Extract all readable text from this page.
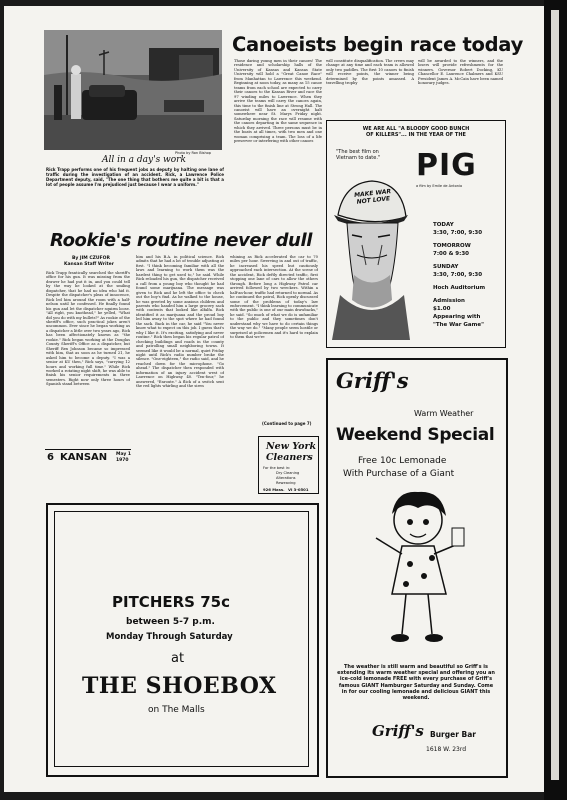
Photo by Ron Bishop
All in a day's work
Rick Trapp performs one of his frequent jobs as deputy by halting one lane of traffic during the investigation of an accident. Rick, a Lawrence Police Department deputy, said, "The one thing that bothers me quite a bit is that a lot of people assume I'm prejudiced just because I wear a uniform."
Canoeists begin race today
Those daring young men in their canoes! The residence and scholarship halls of the University of Kansas and Kansas State University will hold a "Great Canoe Race" from Manhattan to Lawrence this weekend. Beginning at noon today, as many as 15 canoe teams from each school are expected to carry their canoes to the Kansas River and race the 97 winding miles to Lawrence. When they arrive the teams will carry the canoes again, this time to the finish line at Strong Hall. The canoeist will have an overnight halt somewhere near St. Marys Friday night. Saturday morning the race will resume with the canoes departing in the same sequence in which they arrived. Three persons must be in the boats at all times, with two men and one woman comprising a team. The loss of a life preserver or interfering with other canoes
will constitute disqualification. The crews may change at any time and each team is allowed only two paddles. The first 10 canoes to finish will receive points, the winner being determined by the points amassed. A travelling trophy
will be awarded to the winners, and the losers will provide refreshments for the winners. Governor Robert Docking, KU Chancellor E. Laurence Chalmers and KSU President James A. McCain have been named honorary judges.
Rookie's routine never dull
By JIM CZUFOR
Kansan Staff Writer
Rick Trapp frantically searched the sheriff's office for his gun. It was missing from the drawer he had put it in, and you could tell by the way he looked at the smiling dispatcher, that he had no idea who hid it. Despite the dispatcher's pleas of innocence, Rick led him around the room with a half-nelson until he confessed. He finally found his gun and let the dispatcher squirm loose. "All right, you knothead," he yelled, "What did you do with my bullets?" As rookie of the sheriff's office, such practical jokes aren't uncommon. Ever since he began working as a dispatcher a little over two years ago, Rick has been affectionately known as "the rookie." Rick began working at the Douglas County Sheriff's Office as a dispatcher, but Sheriff Rex Johnson became so impressed with him, that as soon as he turned 21, he asked him to become a deputy. "I was a senior at KU then," Rick says, "carrying 12 hours and working full time." While Rick worked a rotating night shift, he was able to finish his senior requirements in three semesters. Right now only three hours of Spanish stand between
him and his B.A. in political science. Rick admits that he had a lot of trouble adjusting at first. "I think becoming familiar with all the laws and learning to work them was the hardest thing to get used to," he said. While Rick reloaded his gun, the dispatcher received a call from a young boy who thought he had found some marijuana. The message was given to Rick and he left the office to check out the boy's find. As he walked to the house, he was greeted by some anxious children and parents who handed him a large grocery sack with contents that looked like alfalfa. Rick identified it as marijuana and the proud boy led him away to the spot where he had found the sack. Back in the car, he said "You never know what to expect on this job. I guess that's why I like it. It's exciting, satisfying and never routine." Rick then began his regular patrol of checking buildings and roads in the county and patrolling small neighboring towns. It seemed like it would be a normal, quiet Friday night until Rick's radio number broke the silence. "One-eighteen," the radio said, and he reached down for the microphone. "Go ahead." The dispatcher then responded with information of an injury accident west of Lawrence on Highway 40. "Ten-four," he answered, "Enroute." A flick of a switch sent the red lights whirling and the siren
whining as Rick accelerated the car to 70 miles per hour. Swerving in and out of traffic, he increased his speed but cautiously approached each intersection. At the scene of the accident, Rick deftly directed traffic, first stopping one lane of cars to allow the others through. Before long a Highway Patrol car arrived followed by two wreckers. Within a half-an-hour, traffic had returned to normal. As he continued the patrol, Rick openly discussed some of the problems of today's law enforcement. "I think learning to communicate with the public is one of our main drawbacks," he said. "So much of what we do is unfamiliar to the public and they sometimes don't understand why we have to do certain things the way we do." "Many people seem hostile or surprised at policemen and it's hard to explain to them that we're
(Continued to page 7)
6 KANSAN May 1
1970
New York
Cleaners
For the best in:
Dry Cleaning
Alterations
Reweaving
926 Mass. VI 3-0501
WE ARE ALL "A BLOODY GOOD BUNCH OF KILLERS"... IN THE YEAR OF THE
"The best film on Vietnam to date."	PIG
a film by Emile de Antonio
MAKE WAR NOT LOVE
TODAY
3:30, 7:00, 9:30
TOMORROW
7:00 & 9:30
SUNDAY
3:30, 7:00, 9:30
Hoch Auditorium
Admission
$1.00
Appearing with
"The War Game"
PITCHERS 75c
between 5-7 p.m.
Monday Through Saturday
at
THE SHOEBOX
on The Malls
Griff's
Warm Weather
Weekend Special
Free 10c Lemonade
With Purchase of a Giant
The weather is still warm and beautiful so Griff's is extending its warm weather special and offering you an ice-cold lemonade FREE with every purchase of Griff's famous GIANT Hamburger Saturday and Sunday. Come in for our cooling lemonade and delicious GIANT this weekend.
Griff's Burger Bar
1618 W. 23rd
